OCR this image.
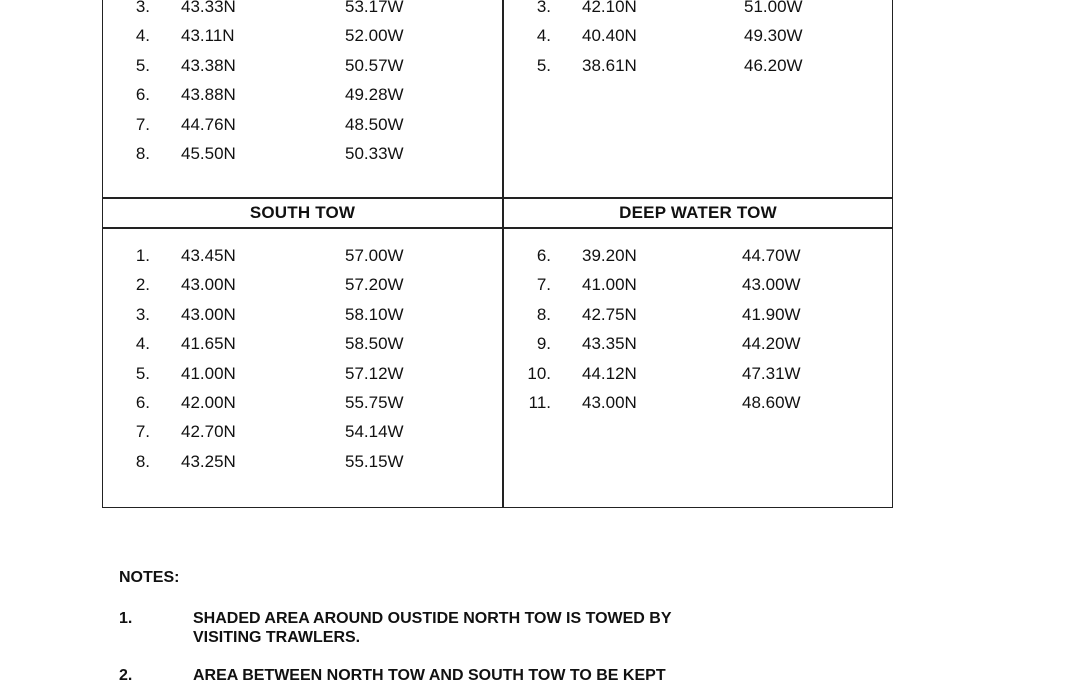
SOUTH TOW	DEEP WATER TOW
3. 43.33N	53.17W
4. 43.11N	52.00W
5. 43.38N	50.57W
6. 43.88N	49.28W
7. 44.76N	48.50W
8. 45.50N	50.33W
3. 42.10N	51.00W
4. 40.40N	49.30W
5. 38.61N	46.20W
1. 43.45N	57.00W
2. 43.00N	57.20W
3. 43.00N	58.10W
4. 41.65N	58.50W
5. 41.00N	57.12W
6. 42.00N	55.75W
7. 42.70N	54.14W
8. 43.25N	55.15W
6. 39.20N	44.70W
7. 41.00N	43.00W
8. 42.75N	41.90W
9. 43.35N	44.20W
10. 44.12N	47.31W
11. 43.00N	48.60W
NOTES:
1.	SHADED AREA AROUND OUSTIDE NORTH TOW IS TOWED BY
VISITING TRAWLERS.
2.	AREA BETWEEN NORTH TOW AND SOUTH TOW TO BE KEPT
